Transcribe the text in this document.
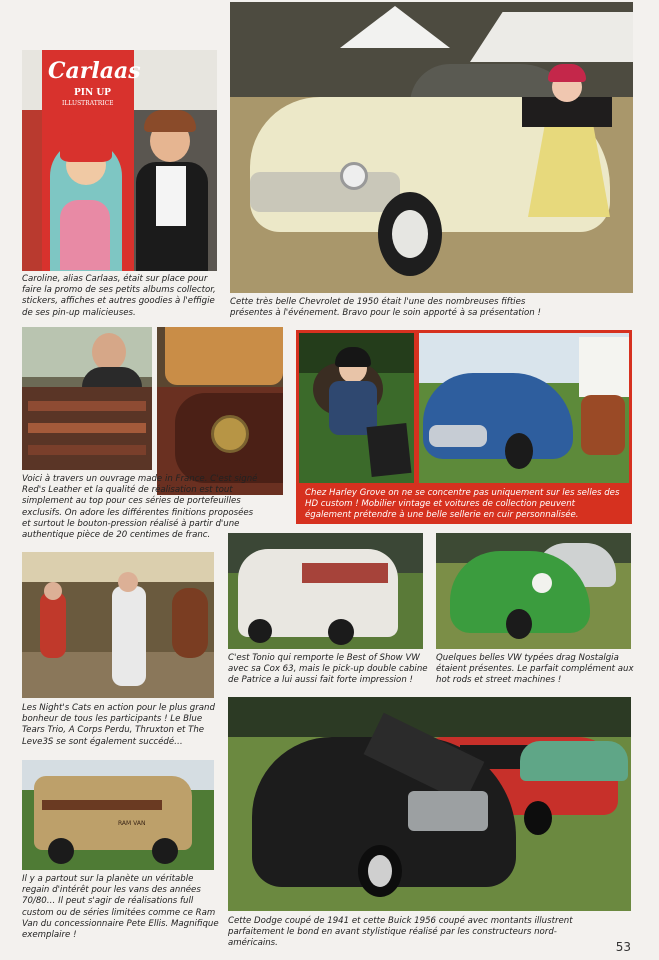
Carlaas
PIN UP
ILLUSTRATRICE

Caroline, alias Carlaas, était sur place pour faire la promo de ses petits albums collector, stickers, affiches et autres goodies à l'effigie de ses pin-up malicieuses.

Cette très belle Chevrolet de 1950 était l'une des nombreuses fifties présentes à l'événement. Bravo pour le soin apporté à sa présentation !

Voici à travers un ouvrage made in France. C'est signé Red's Leather et la qualité de réalisation est tout simplement au top pour ces séries de portefeuilles exclusifs. On adore les différentes finitions proposées et surtout le bouton-pression réalisé à partir d'une authentique pièce de 20 centimes de franc.

Chez Harley Grove on ne se concentre pas uniquement sur les selles des HD custom ! Mobilier vintage et voitures de collection peuvent également prétendre à une belle sellerie en cuir personnalisée.

C'est Tonio qui remporte le Best of Show VW avec sa Cox 63, mais le pick-up double cabine de Patrice a lui aussi fait forte impression !

Quelques belles VW typées drag Nostalgia étaient présentes. Le parfait complément aux hot rods et street machines !

Les Night's Cats en action pour le plus grand bonheur de tous les participants ! Le Blue Tears Trio, A Corps Perdu, Thruxton et The Leve3S se sont également succédé…

RAM VAN

Il y a partout sur la planète un véritable regain d'intérêt pour les vans des années 70/80… Il peut s'agir de réalisations full custom ou de séries limitées comme ce Ram Van du concessionnaire Pete Ellis. Magnifique exemplaire !

Cette Dodge coupé de 1941 et cette Buick 1956 coupé avec montants illustrent parfaitement le bond en avant stylistique réalisé par les constructeurs nord-américains.	53
